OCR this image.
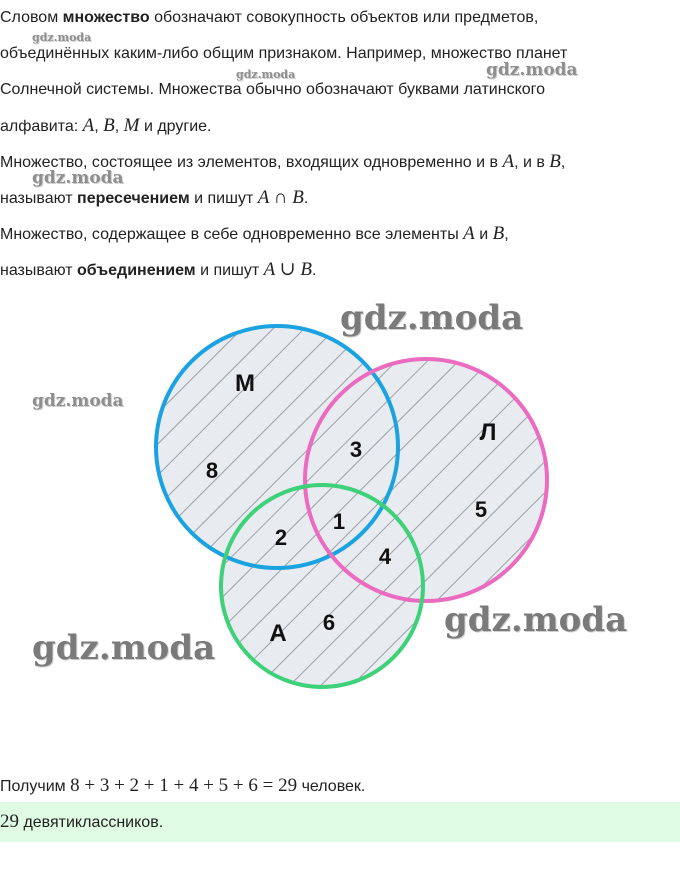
Словом множество обозначают совокупность объектов или предметов,
объединённых каким-либо общим признаком. Например, множество планет
Солнечной системы. Множества обычно обозначают буквами латинского
алфавита: A, B, M и другие.
Множество, состоящее из элементов, входящих одновременно и в A, и в B,
называют пересечением и пишут A ∩ B.
Множество, содержащее в себе одновременно все элементы A и B,
называют объединением и пишут A ∪ B.
М
Л
А
8
3
5
2
1
4
6
gdz.moda
gdz.moda	gdz.moda
gdz.moda
gdz.moda
gdz.moda
gdz.moda
gdz.moda
Получим 8 + 3 + 2 + 1 + 4 + 5 + 6 = 29 человек.
29 девятиклассников.
